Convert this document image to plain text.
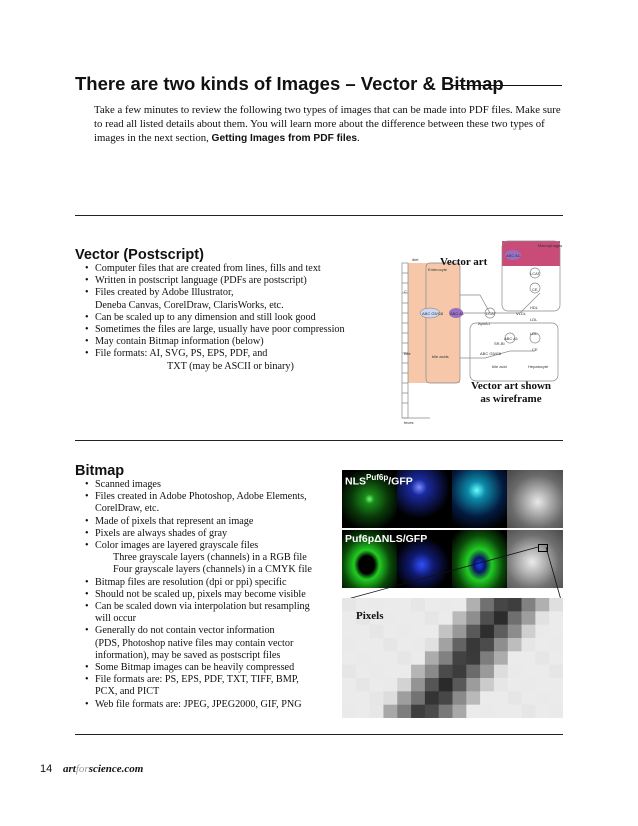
There are two kinds of Images – Vector & Bitmap
Take a few minutes to review the following two types of images that can be made into PDF files. Make sure to read all listed details about them. You will learn more about the difference between these two types of images in the next section, Getting Images from PDF files.
Vector (Postscript)
• Computer files that are created from lines, fills and text
• Written in postscript language (PDFs are postscript)
• Files created by Adobe Illustrator,
Deneba Canvas, CorelDraw, ClarisWorks, etc.
• Can be scaled up to any dimension and still look good
• Sometimes the files are large, usually have poor compression
• May contain Bitmap information (below)
• File formats: AI, SVG, PS, EPS, PDF, and
TXT (may be ASCII or binary)
Macrophages
Enterocyte
Hepatocyte
diet
feces
ABC A1
ABC A1
ABC A1
ABC G5/G8
ABC G5/G8
bile acids
bile acid
Bile
LCAT
LCAT
HDL
LDL
LDL
VLDL
CE
CE
ApoA-I
SR-BI
C
Vector art
Vector art shown
as wireframe
Bitmap
• Scanned images
• Files created in Adobe Photoshop, Adobe Elements,
CorelDraw, etc.
• Made of pixels that represent an image
• Pixels are always shades of gray
• Color images are layered grayscale files
Three grayscale layers (channels) in a RGB file
Four grayscale layers (channels) in a CMYK file
• Bitmap files are resolution (dpi or ppi) specific
• Should not be scaled up, pixels may become visible
• Can be scaled down via interpolation but resampling
will occur
• Generally do not contain vector information
(PDS, Photoshop native files may contain vector
information), may be saved as postscript files
• Some Bitmap images can be heavily compressed
• File formats are: PS, EPS, PDF, TXT, TIFF, BMP,
PCX, and PICT
• Web file formats are: JPEG, JPEG2000, GIF, PNG
$NLS^{Puf6p}$/GFP
Puf6pΔNLS/GFP
Pixels
14 artforscience.com
